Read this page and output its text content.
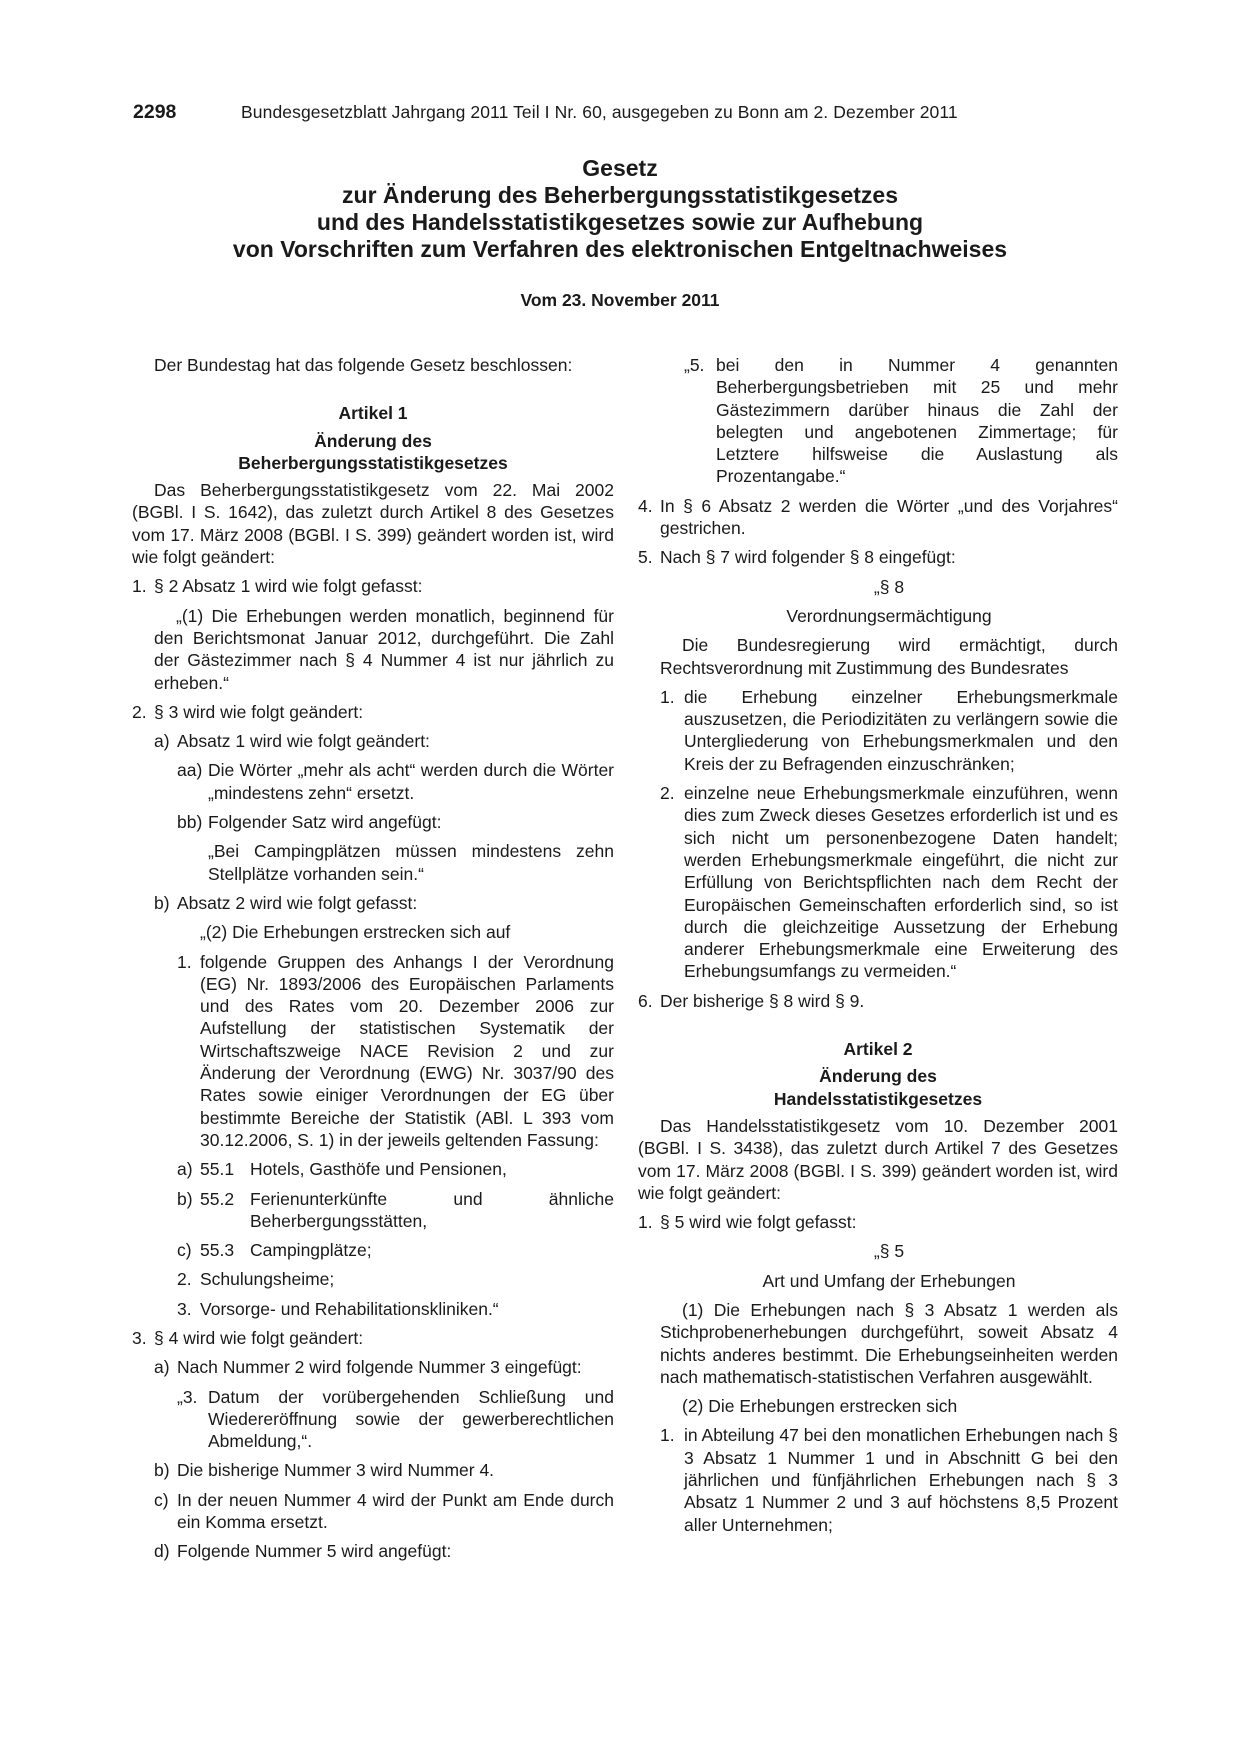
2298	Bundesgesetzblatt Jahrgang 2011 Teil I Nr. 60, ausgegeben zu Bonn am 2. Dezember 2011
Gesetz
zur Änderung des Beherbergungsstatistikgesetzes
und des Handelsstatistikgesetzes sowie zur Aufhebung
von Vorschriften zum Verfahren des elektronischen Entgeltnachweises
Vom 23. November 2011

Der Bundestag hat das folgende Gesetz beschlossen:

Artikel 1
Änderung des
Beherbergungsstatistikgesetzes

Das Beherbergungsstatistikgesetz vom 22. Mai 2002 (BGBl. I S. 1642), das zuletzt durch Artikel 8 des Gesetzes vom 17. März 2008 (BGBl. I S. 399) geändert worden ist, wird wie folgt geändert:

1. § 2 Absatz 1 wird wie folgt gefasst:

„(1) Die Erhebungen werden monatlich, beginnend für den Berichtsmonat Januar 2012, durchgeführt. Die Zahl der Gästezimmer nach § 4 Nummer 4 ist nur jährlich zu erheben.“

2. § 3 wird wie folgt geändert:
a) Absatz 1 wird wie folgt geändert:
aa) Die Wörter „mehr als acht“ werden durch die Wörter „mindestens zehn“ ersetzt.
bb) Folgender Satz wird angefügt:

„Bei Campingplätzen müssen mindestens zehn Stellplätze vorhanden sein.“

b) Absatz 2 wird wie folgt gefasst:

„(2) Die Erhebungen erstrecken sich auf

1. folgende Gruppen des Anhangs I der Verordnung (EG) Nr. 1893/2006 des Europäischen Parlaments und des Rates vom 20. Dezember 2006 zur Aufstellung der statistischen Systematik der Wirtschaftszweige NACE Revision 2 und zur Änderung der Verordnung (EWG) Nr. 3037/90 des Rates sowie einiger Verordnungen der EG über bestimmte Bereiche der Statistik (ABl. L 393 vom 30.12.2006, S. 1) in der jeweils geltenden Fassung:
a) 55.1 Hotels, Gasthöfe und Pensionen,
b) 55.2 Ferienunterkünfte und ähnliche Beherbergungsstätten,
c) 55.3 Campingplätze;
2. Schulungsheime;
3. Vorsorge- und Rehabilitationskliniken.“
3. § 4 wird wie folgt geändert:
a) Nach Nummer 2 wird folgende Nummer 3 eingefügt:
„3. Datum der vorübergehenden Schließung und Wiedereröffnung sowie der gewerberechtlichen Abmeldung,“.
b) Die bisherige Nummer 3 wird Nummer 4.
c) In der neuen Nummer 4 wird der Punkt am Ende durch ein Komma ersetzt.
d) Folgende Nummer 5 wird angefügt:
„5. bei den in Nummer 4 genannten Beherbergungsbetrieben mit 25 und mehr Gästezimmern darüber hinaus die Zahl der belegten und angebotenen Zimmertage; für Letztere hilfsweise die Auslastung als Prozentangabe.“
4. In § 6 Absatz 2 werden die Wörter „und des Vorjahres“ gestrichen.
5. Nach § 7 wird folgender § 8 eingefügt:
„§ 8
Verordnungsermächtigung

Die Bundesregierung wird ermächtigt, durch Rechtsverordnung mit Zustimmung des Bundesrates

1. die Erhebung einzelner Erhebungsmerkmale auszusetzen, die Periodizitäten zu verlängern sowie die Untergliederung von Erhebungsmerkmalen und den Kreis der zu Befragenden einzuschränken;
2. einzelne neue Erhebungsmerkmale einzuführen, wenn dies zum Zweck dieses Gesetzes erforderlich ist und es sich nicht um personenbezogene Daten handelt; werden Erhebungsmerkmale eingeführt, die nicht zur Erfüllung von Berichtspflichten nach dem Recht der Europäischen Gemeinschaften erforderlich sind, so ist durch die gleichzeitige Aussetzung der Erhebung anderer Erhebungsmerkmale eine Erweiterung des Erhebungsumfangs zu vermeiden.“
6. Der bisherige § 8 wird § 9.
Artikel 2
Änderung des
Handelsstatistikgesetzes

Das Handelsstatistikgesetz vom 10. Dezember 2001 (BGBl. I S. 3438), das zuletzt durch Artikel 7 des Gesetzes vom 17. März 2008 (BGBl. I S. 399) geändert worden ist, wird wie folgt geändert:

1. § 5 wird wie folgt gefasst:
„§ 5
Art und Umfang der Erhebungen

(1) Die Erhebungen nach § 3 Absatz 1 werden als Stichprobenerhebungen durchgeführt, soweit Absatz 4 nichts anderes bestimmt. Die Erhebungseinheiten werden nach mathematisch-statistischen Verfahren ausgewählt.

(2) Die Erhebungen erstrecken sich

1. in Abteilung 47 bei den monatlichen Erhebungen nach § 3 Absatz 1 Nummer 1 und in Abschnitt G bei den jährlichen und fünfjährlichen Erhebungen nach § 3 Absatz 1 Nummer 2 und 3 auf höchstens 8,5 Prozent aller Unternehmen;
